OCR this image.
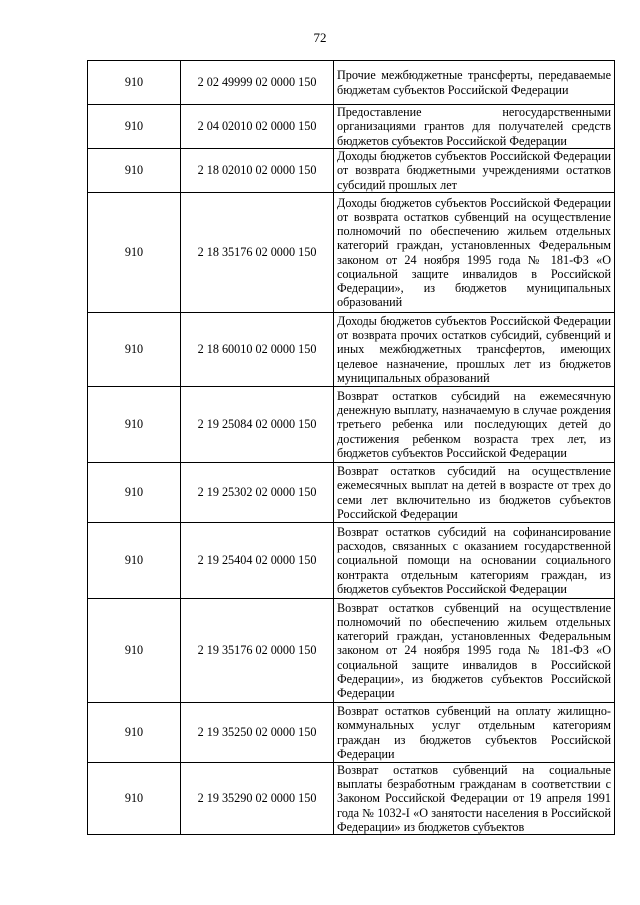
72
910	2 02 49999 02 0000 150	Прочие межбюджетные трансферты, передаваемые бюджетам субъектов Российской Федерации
910	2 04 02010 02 0000 150	Предоставление негосударственными организациями грантов для получателей средств бюджетов субъектов Российской Федерации
910	2 18 02010 02 0000 150	Доходы бюджетов субъектов Российской Федерации от возврата бюджетными учреждениями остатков субсидий прошлых лет
910	2 18 35176 02 0000 150	Доходы бюджетов субъектов Российской Федерации от возврата остатков субвенций на осуществление полномочий по обеспечению жильем отдельных категорий граждан, установленных Федеральным законом от 24 ноября 1995 года № 181-ФЗ «О социальной защите инвалидов в Российской Федерации», из бюджетов муниципальных образований
910	2 18 60010 02 0000 150	Доходы бюджетов субъектов Российской Федерации от возврата прочих остатков субсидий, субвенций и иных межбюджетных трансфертов, имеющих целевое назначение, прошлых лет из бюджетов муниципальных образований
910	2 19 25084 02 0000 150	Возврат остатков субсидий на ежемесячную денежную выплату, назначаемую в случае рождения третьего ребенка или последующих детей до достижения ребенком возраста трех лет, из бюджетов субъектов Российской Федерации
910	2 19 25302 02 0000 150	Возврат остатков субсидий на осуществление ежемесячных выплат на детей в возрасте от трех до семи лет включительно из бюджетов субъектов Российской Федерации
910	2 19 25404 02 0000 150	Возврат остатков субсидий на софинансирование расходов, связанных с оказанием государственной социальной помощи на основании социального контракта отдельным категориям граждан, из бюджетов субъектов Российской Федерации
910	2 19 35176 02 0000 150	Возврат остатков субвенций на осуществление полномочий по обеспечению жильем отдельных категорий граждан, установленных Федеральным законом от 24 ноября 1995 года № 181-ФЗ «О социальной защите инвалидов в Российской Федерации», из бюджетов субъектов Российской Федерации
910	2 19 35250 02 0000 150	Возврат остатков субвенций на оплату жилищно-коммунальных услуг отдельным категориям граждан из бюджетов субъектов Российской Федерации
910	2 19 35290 02 0000 150	Возврат остатков субвенций на социальные выплаты безработным гражданам в соответствии с Законом Российской Федерации от 19 апреля 1991 года № 1032-I «О занятости населения в Российской Федерации» из бюджетов субъектов
